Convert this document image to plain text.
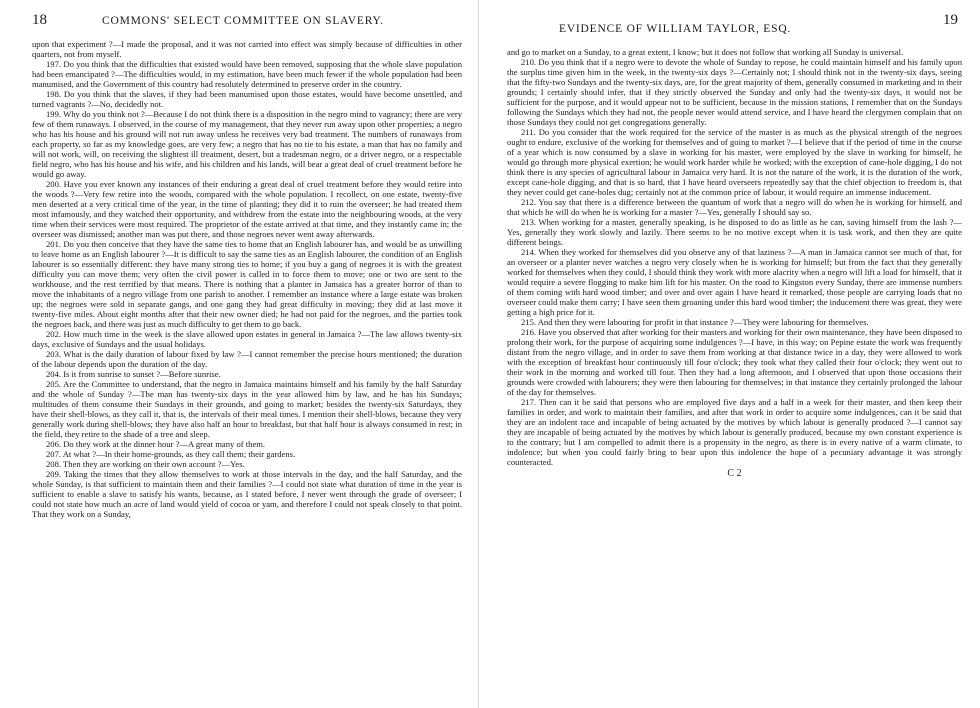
18	COMMONS' SELECT COMMITTEE ON SLAVERY.

upon that experiment ?—I made the proposal, and it was not carried into effect was simply because of difficulties in other quarters, not from myself.

197. Do you think that the difficulties that existed would have been removed, supposing that the whole slave population had been emancipated ?—The difficulties would, in my estimation, have been much fewer if the whole population had been manumised, and the Government of this country had resolutely determined to preserve order in the country.

198. Do you think that the slaves, if they had been manumised upon those estates, would have become unsettled, and turned vagrants ?—No, decidedly not.

199. Why do you think not ?—Because I do not think there is a disposition in the negro mind to vagrancy; there are very few of them runaways. I observed, in the course of my management, that they never run away upon other properties; a negro who has his house and his ground will not run away unless he receives very bad treatment. The numbers of runaways from each property, so far as my knowledge goes, are very few; a negro that has no tie to his estate, a man that has no family and will not work, will, on receiving the slightest ill treatment, desert, but a tradesman negro, or a driver negro, or a respectable field negro, who has his house and his wife, and his children and his lands, will bear a great deal of cruel treatment before he would go away.

200. Have you ever known any instances of their enduring a great deal of cruel treatment before they would retire into the woods ?—Very few retire into the woods, compared with the whole population. I recollect, on one estate, twenty-five men deserted at a very critical time of the year, in the time of planting; they did it to ruin the overseer; he had treated them most infamously, and they watched their opportunity, and withdrew from the estate into the neighbouring woods, at the very time when their services were most required. The proprietor of the estate arrived at that time, and they instantly came in; the overseer was dismissed; another man was put there, and those negroes never went away afterwards.

201. Do you then conceive that they have the same ties to home that an English labourer has, and would be as unwilling to leave home as an English labourer ?—It is difficult to say the same ties as an English labourer, the condition of an English labourer is so essentially different: they have many strong ties to home; if you buy a gang of negroes it is with the greatest difficulty you can move them; very often the civil power is called in to force them to move; one or two are sent to the workhouse, and the rest terrified by that means. There is nothing that a planter in Jamaica has a greater horror of than to move the inhabitants of a negro village from one parish to another. I remember an instance where a large estate was broken up; the negroes were sold in separate gangs, and one gang they had great difficulty in moving; they did at last move it twenty-five miles. About eight months after that their new owner died; he had not paid for the negroes, and the parties took the negroes back, and there was just as much difficulty to get them to go back.

202. How much time in the week is the slave allowed upon estates in general in Jamaica ?—The law allows twenty-six days, exclusive of Sundays and the usual holidays.

203. What is the daily duration of labour fixed by law ?—I cannot remember the precise hours mentioned; the duration of the labour depends upon the duration of the day.

204. Is it from sunrise to sunset ?—Before sunrise.

205. Are the Committee to understand, that the negro in Jamaica maintains himself and his family by the half Saturday and the whole of Sunday ?—The man has twenty-six days in the year allowed him by law, and he has his Sundays; multitudes of them consume their Sundays in their grounds, and going to market; besides the twenty-six Saturdays, they have their shell-blows, as they call it, that is, the intervals of their meal times. I mention their shell-blows, because they very generally work during shell-blows; they have also half an hour to breakfast, but that half hour is always consumed in rest; in the field, they retire to the shade of a tree and sleep.

206. Do they work at the dinner hour ?—A great many of them.

207. At what ?—In their home-grounds, as they call them; their gardens.

208. Then they are working on their own account ?—Yes.

209. Taking the times that they allow themselves to work at those intervals in the day, and the half Saturday, and the whole Sunday, is that sufficient to maintain them and their families ?—I could not state what duration of time in the year is sufficient to enable a slave to satisfy his wants, because, as I stated before, I never went through the grade of overseer; I could not state how much an acre of land would yield of cocoa or yam, and therefore I could not speak closely to that point. That they work on a Sunday,

EVIDENCE OF WILLIAM TAYLOR, ESQ.
19

and go to market on a Sunday, to a great extent, I know; but it does not follow that working all Sunday is universal.

210. Do you think that if a negro were to devote the whole of Sunday to repose, he could maintain himself and his family upon the surplus time given him in the week, in the twenty-six days ?—Certainly not; I should think not in the twenty-six days, seeing that the fifty-two Sundays and the twenty-six days, are, for the great majority of them, generally consumed in marketing and in their grounds; I certainly should infer, that if they strictly observed the Sunday and only had the twenty-six days, it would not be sufficient for the purpose, and it would appear not to be sufficient, because in the mission stations, I remember that on the Sundays following the Sundays which they had not, the people never would attend service, and I have heard the clergymen complain that on those Sundays they could not get congregations generally.

211. Do you consider that the work required for the service of the master is as much as the physical strength of the negroes ought to endure, exclusive of the working for themselves and of going to market ?—I believe that if the period of time in the course of a year which is now consumed by a slave in working for his master, were employed by the slave in working for himself, he would go through more physical exertion; he would work harder while he worked; with the exception of cane-hole digging, I do not think there is any species of agricultural labour in Jamaica very hard. It is not the nature of the work, it is the duration of the work, except cane-hole digging, and that is so hard, that I have heard overseers repeatedly say that the chief objection to freedom is, that they never could get cane-holes dug; certainly not at the common price of labour, it would require an immense inducement.

212. You say that there is a difference between the quantum of work that a negro will do when he is working for himself, and that which he will do when he is working for a master ?—Yes, generally I should say so.

213. When working for a master, generally speaking, is he disposed to do as little as he can, saving himself from the lash ?—Yes, generally they work slowly and lazily. There seems to be no motive except when it is task work, and then they are quite different beings.

214. When they worked for themselves did you observe any of that laziness ?—A man in Jamaica cannot see much of that, for an overseer or a planter never watches a negro very closely when he is working for himself; but from the fact that they generally worked for themselves when they could, I should think they work with more alacrity when a negro will lift a load for himself, that it would require a severe flogging to make him lift for his master. On the road to Kingston every Sunday, there are immense numbers of them coming with hard wood timber; and over and over again I have heard it remarked, those people are carrying loads that no overseer could make them carry; I have seen them groaning under this hard wood timber; the inducement there was great, they were getting a high price for it.

215. And then they were labouring for profit in that instance ?—They were labouring for themselves.

216. Have you observed that after working for their masters and working for their own maintenance, they have been disposed to prolong their work, for the purpose of acquiring some indulgences ?—I have, in this way; on Pepine estate the work was frequently distant from the negro village, and in order to save them from working at that distance twice in a day, they were allowed to work with the exception of breakfast hour continuously till four o'clock; they took what they called their four o'clock; they went out to their work in the morning and worked till four. Then they had a long afternoon, and I observed that upon those occasions their grounds were crowded with labourers; they were then labouring for themselves; in that instance they certainly prolonged the labour of the day for themselves.

217. Then can it be said that persons who are employed five days and a half in a week for their master, and then keep their families in order, and work to maintain their families, and after that work in order to acquire some indulgences, can it be said that they are an indolent race and incapable of being actuated by the motives by which labour is generally produced ?—I cannot say they are incapable of being actuated by the motives by which labour is generally produced, because my own constant experience is to the contrary; but I am compelled to admit there is a propensity in the negro, as there is in every native of a warm climate, to indolence; but when you could fairly bring to bear upon this indolence the hope of a pecuniary advantage it was strongly counteracted.

C 2
